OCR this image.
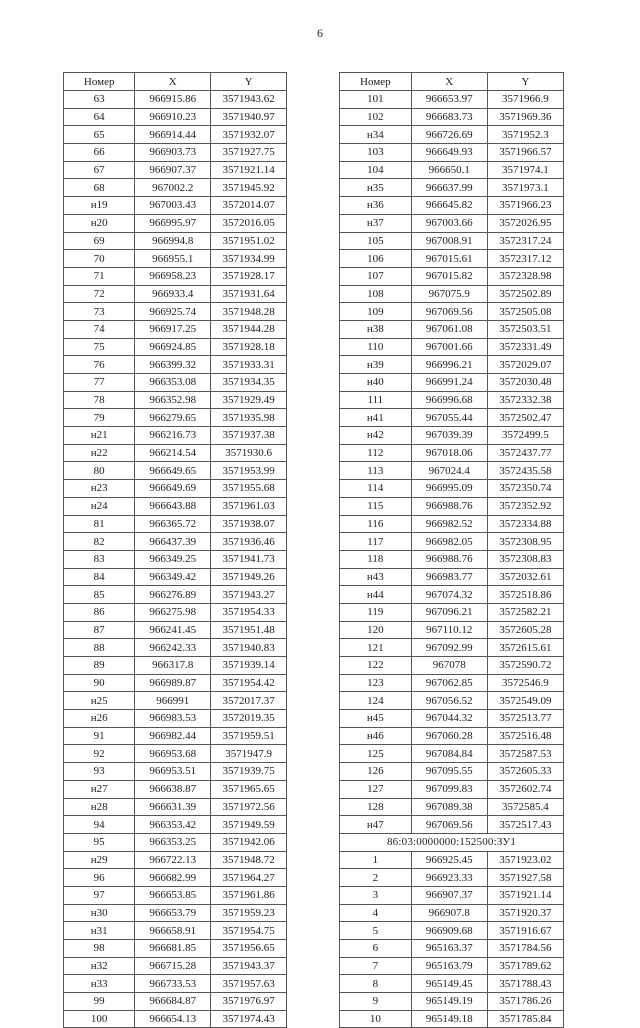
6
Номер	X	Y
63	966915.86	3571943.62
64	966910.23	3571940.97
65	966914.44	3571932.07
66	966903.73	3571927.75
67	966907.37	3571921.14
68	967002.2	3571945.92
н19	967003.43	3572014.07
н20	966995.97	3572016.05
69	966994.8	3571951.02
70	966955.1	3571934.99
71	966958.23	3571928.17
72	966933.4	3571931.64
73	966925.74	3571948.28
74	966917.25	3571944.28
75	966924.85	3571928.18
76	966399.32	3571933.31
77	966353.08	3571934.35
78	966352.98	3571929.49
79	966279.65	3571935.98
н21	966216.73	3571937.38
н22	966214.54	3571930.6
80	966649.65	3571953.99
н23	966649.69	3571955.68
н24	966643.88	3571961.03
81	966365.72	3571938.07
82	966437.39	3571936.46
83	966349.25	3571941.73
84	966349.42	3571949.26
85	966276.89	3571943.27
86	966275.98	3571954.33
87	966241.45	3571951.48
88	966242.33	3571940.83
89	966317.8	3571939.14
90	966989.87	3571954.42
н25	966991	3572017.37
н26	966983.53	3572019.35
91	966982.44	3571959.51
92	966953.68	3571947.9
93	966953.51	3571939.75
н27	966638.87	3571965.65
н28	966631.39	3571972.56
94	966353.42	3571949.59
95	966353.25	3571942.06
н29	966722.13	3571948.72
96	966682.99	3571964.27
97	966653.85	3571961.86
н30	966653.79	3571959.23
н31	966658.91	3571954.75
98	966681.85	3571956.65
н32	966715.28	3571943.37
н33	966733.53	3571957.63
99	966684.87	3571976.97
100	966654.13	3571974.43
Номер	X	Y
101	966653.97	3571966.9
102	966683.73	3571969.36
н34	966726.69	3571952.3
103	966649.93	3571966.57
104	966650.1	3571974.1
н35	966637.99	3571973.1
н36	966645.82	3571966.23
н37	967003.66	3572026.95
105	967008.91	3572317.24
106	967015.61	3572317.12
107	967015.82	3572328.98
108	967075.9	3572502.89
109	967069.56	3572505.08
н38	967061.08	3572503.51
110	967001.66	3572331.49
н39	966996.21	3572029.07
н40	966991.24	3572030.48
111	966996.68	3572332.38
н41	967055.44	3572502.47
н42	967039.39	3572499.5
112	967018.06	3572437.77
113	967024.4	3572435.58
114	966995.09	3572350.74
115	966988.76	3572352.92
116	966982.52	3572334.88
117	966982.05	3572308.95
118	966988.76	3572308.83
н43	966983.77	3572032.61
н44	967074.32	3572518.86
119	967096.21	3572582.21
120	967110.12	3572605.28
121	967092.99	3572615.61
122	967078	3572590.72
123	967062.85	3572546.9
124	967056.52	3572549.09
н45	967044.32	3572513.77
н46	967060.28	3572516.48
125	967084.84	3572587.53
126	967095.55	3572605.33
127	967099.83	3572602.74
128	967089.38	3572585.4
н47	967069.56	3572517.43
86:03:0000000:152500:ЗУ1		
1	966925.45	3571923.02
2	966923.33	3571927.58
3	966907.37	3571921.14
4	966907.8	3571920.37
5	966909.68	3571916.67
6	965163.37	3571784.56
7	965163.79	3571789.62
8	965149.45	3571788.43
9	965149.19	3571786.26
10	965149.18	3571785.84
